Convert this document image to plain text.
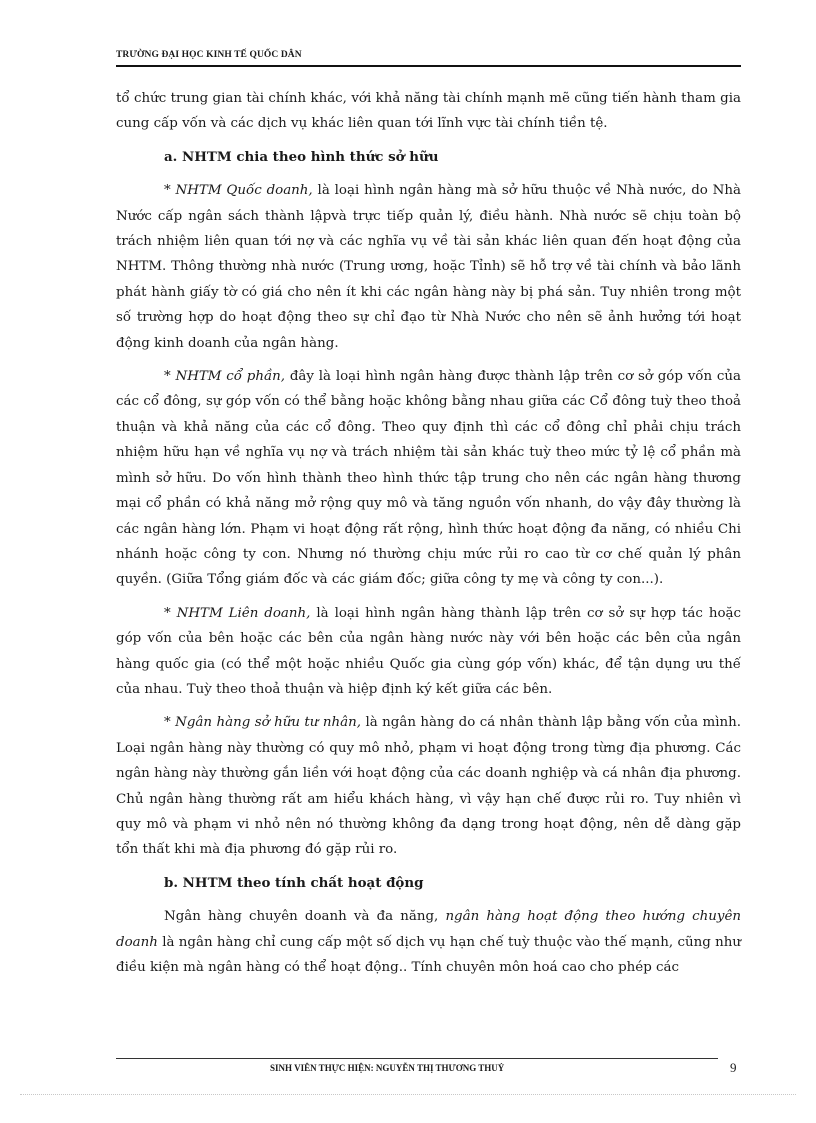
TRƯỜNG ĐẠI HỌC KINH TẾ QUỐC DÂN

tổ chức trung gian tài chính khác, với khả năng tài chính mạnh mẽ cũng tiến hành tham gia cung cấp vốn và các dịch vụ khác liên quan tới lĩnh vực tài chính tiền tệ.

a. NHTM chia theo hình thức sở hữu

* NHTM Quốc doanh, là loại hình ngân hàng mà sở hữu thuộc về Nhà nước, do Nhà Nước cấp ngân sách thành lậpvà trực tiếp quản lý, điều hành. Nhà nước sẽ chịu toàn bộ trách nhiệm liên quan tới nợ và các nghĩa vụ về tài sản khác liên quan đến hoạt động của NHTM. Thông thường nhà nước (Trung ương, hoặc Tỉnh) sẽ hỗ trợ về tài chính và bảo lãnh phát hành giấy tờ có giá cho nên ít khi các ngân hàng này bị phá sản. Tuy nhiên trong một số trường hợp do hoạt động theo sự chỉ đạo từ Nhà Nước cho nên sẽ ảnh hưởng tới hoạt động kinh doanh của ngân hàng.

* NHTM cổ phần, đây là loại hình ngân hàng được thành lập trên cơ sở góp vốn của các cổ đông, sự góp vốn có thể bằng hoặc không bằng nhau giữa các Cổ đông tuỳ theo thoả thuận và khả năng của các cổ đông. Theo quy định thì các cổ đông chỉ phải chịu trách nhiệm hữu hạn về nghĩa vụ nợ và trách nhiệm tài sản khác tuỳ theo mức tỷ lệ cổ phần mà mình sở hữu. Do vốn hình thành theo hình thức tập trung cho nên các ngân hàng thương mại cổ phần có khả năng mở rộng quy mô và tăng nguồn vốn nhanh, do vậy đây thường là các ngân hàng lớn. Phạm vi hoạt động rất rộng, hình thức hoạt động đa năng, có nhiều Chi nhánh hoặc công ty con. Nhưng nó thường chịu mức rủi ro cao từ cơ chế quản lý phân quyền. (Giữa Tổng giám đốc và các giám đốc; giữa công ty mẹ và công ty con...).

* NHTM Liên doanh, là loại hình ngân hàng thành lập trên cơ sở sự hợp tác hoặc góp vốn của bên hoặc các bên của ngân hàng nước này với bên hoặc các bên của ngân hàng quốc gia (có thể một hoặc nhiều Quốc gia cùng góp vốn) khác, để tận dụng ưu thế của nhau. Tuỳ theo thoả thuận và hiệp định ký kết giữa các bên.

* Ngân hàng sở hữu tư nhân, là ngân hàng do cá nhân thành lập bằng vốn của mình. Loại ngân hàng này thường có quy mô nhỏ, phạm vi hoạt động trong từng địa phương. Các ngân hàng này thường gắn liền với hoạt động của các doanh nghiệp và cá nhân địa phương. Chủ ngân hàng thường rất am hiểu khách hàng, vì vậy hạn chế được rủi ro. Tuy nhiên vì quy mô và phạm vi nhỏ nên nó thường không đa dạng trong hoạt động, nên dễ dàng gặp tổn thất khi mà địa phương đó gặp rủi ro.

b. NHTM theo tính chất hoạt động

Ngân hàng chuyên doanh và đa năng, ngân hàng hoạt động theo hướng chuyên doanh là ngân hàng chỉ cung cấp một số dịch vụ hạn chế tuỳ thuộc vào thế mạnh, cũng như điều kiện mà ngân hàng có thể hoạt động.. Tính chuyên môn hoá cao cho phép các

SINH VIÊN THỰC HIỆN: NGUYỄN THỊ THƯƠNG THUỶ	9
